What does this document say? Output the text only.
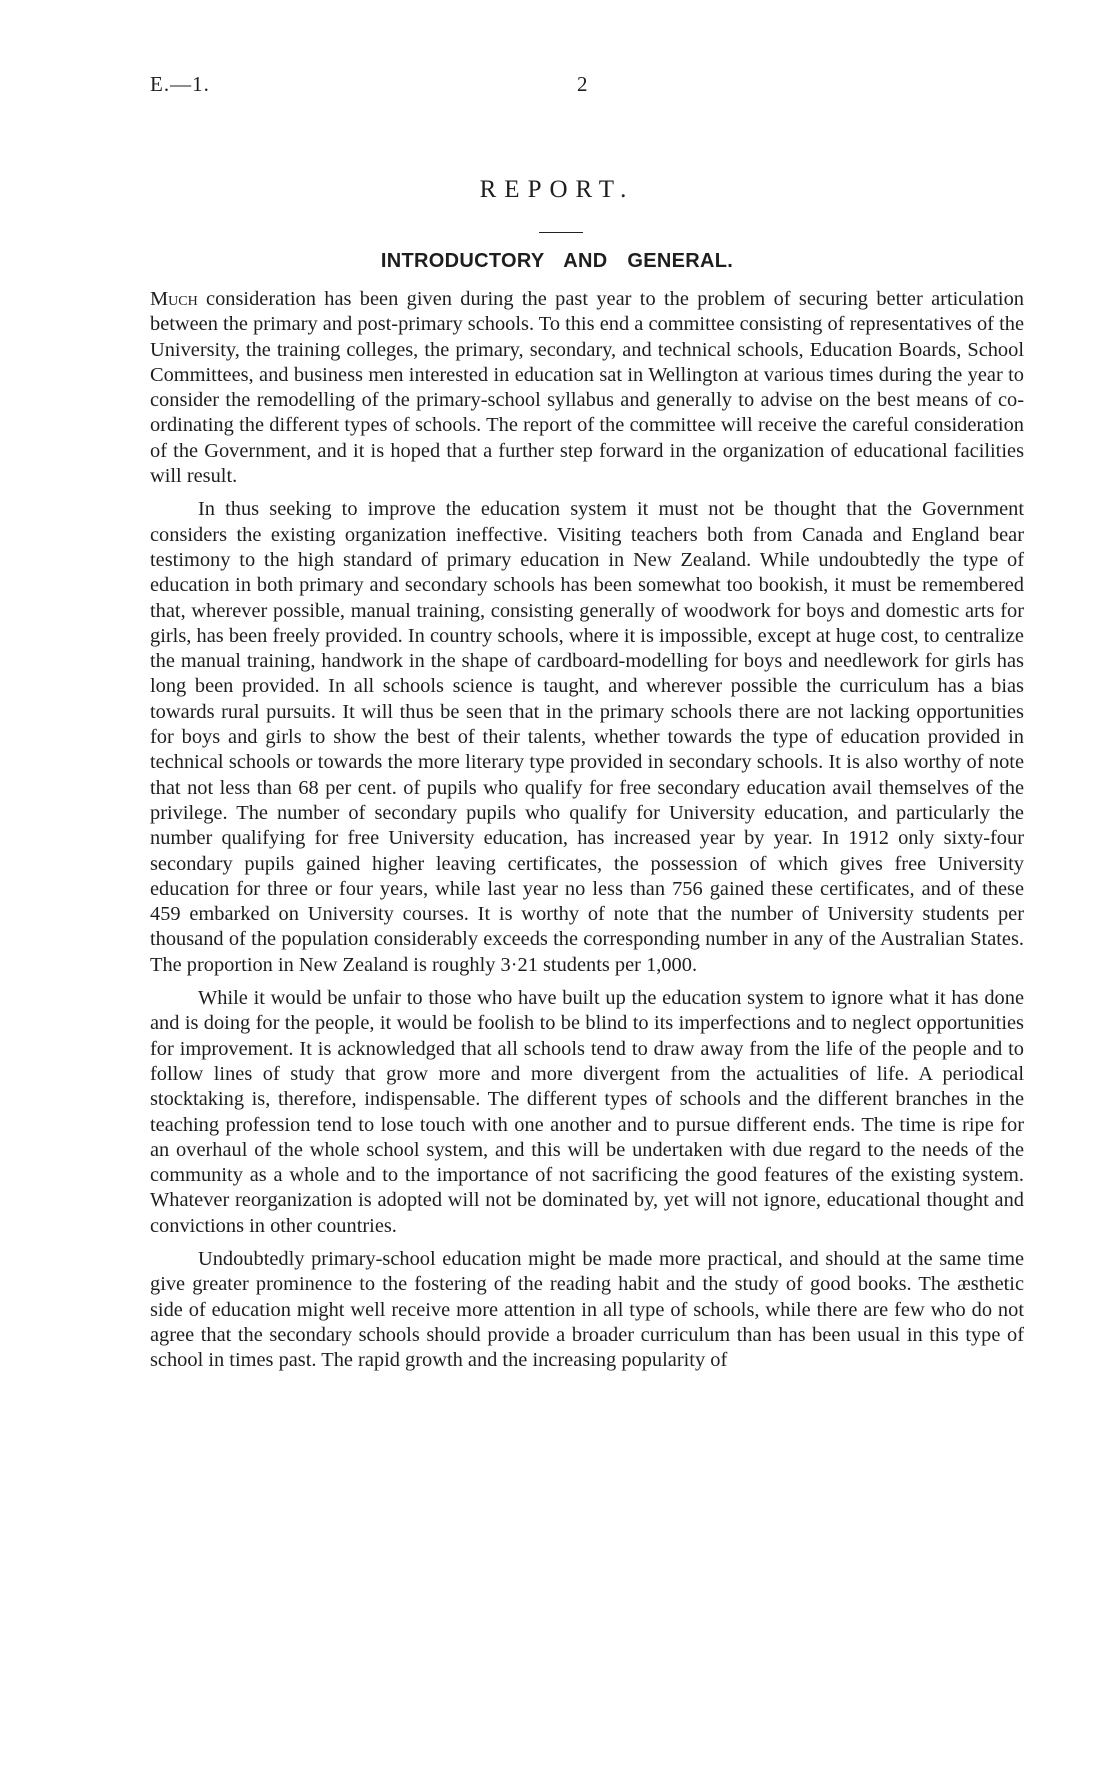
E.—1.	2
REPORT.
INTRODUCTORY AND GENERAL.

Much consideration has been given during the past year to the problem of securing better articulation between the primary and post-primary schools. To this end a committee consisting of representatives of the University, the training colleges, the primary, secondary, and technical schools, Education Boards, School Committees, and business men interested in education sat in Wellington at various times during the year to consider the remodelling of the primary-school syllabus and generally to advise on the best means of co-ordinating the different types of schools. The report of the committee will receive the careful consideration of the Government, and it is hoped that a further step forward in the organization of educational facilities will result.

In thus seeking to improve the education system it must not be thought that the Government considers the existing organization ineffective. Visiting teachers both from Canada and England bear testimony to the high standard of primary education in New Zealand. While undoubtedly the type of education in both primary and secondary schools has been somewhat too bookish, it must be remembered that, wherever possible, manual training, consisting generally of woodwork for boys and domestic arts for girls, has been freely provided. In country schools, where it is impossible, except at huge cost, to centralize the manual training, handwork in the shape of cardboard-modelling for boys and needlework for girls has long been provided. In all schools science is taught, and wherever possible the curriculum has a bias towards rural pursuits. It will thus be seen that in the primary schools there are not lacking opportunities for boys and girls to show the best of their talents, whether towards the type of education provided in technical schools or towards the more literary type provided in secondary schools. It is also worthy of note that not less than 68 per cent. of pupils who qualify for free secondary education avail themselves of the privilege. The number of secondary pupils who qualify for University education, and particularly the number qualifying for free University education, has increased year by year. In 1912 only sixty-four secondary pupils gained higher leaving certificates, the possession of which gives free University education for three or four years, while last year no less than 756 gained these certificates, and of these 459 embarked on University courses. It is worthy of note that the number of University students per thousand of the population considerably exceeds the corresponding number in any of the Australian States. The proportion in New Zealand is roughly 3·21 students per 1,000.

While it would be unfair to those who have built up the education system to ignore what it has done and is doing for the people, it would be foolish to be blind to its imperfections and to neglect opportunities for improvement. It is acknowledged that all schools tend to draw away from the life of the people and to follow lines of study that grow more and more divergent from the actualities of life. A periodical stocktaking is, therefore, indispensable. The different types of schools and the different branches in the teaching profession tend to lose touch with one another and to pursue different ends. The time is ripe for an overhaul of the whole school system, and this will be undertaken with due regard to the needs of the community as a whole and to the importance of not sacrificing the good features of the existing system. Whatever reorganization is adopted will not be dominated by, yet will not ignore, educational thought and convictions in other countries.

Undoubtedly primary-school education might be made more practical, and should at the same time give greater prominence to the fostering of the reading habit and the study of good books. The æsthetic side of education might well receive more attention in all type of schools, while there are few who do not agree that the secondary schools should provide a broader curriculum than has been usual in this type of school in times past. The rapid growth and the increasing popularity of
